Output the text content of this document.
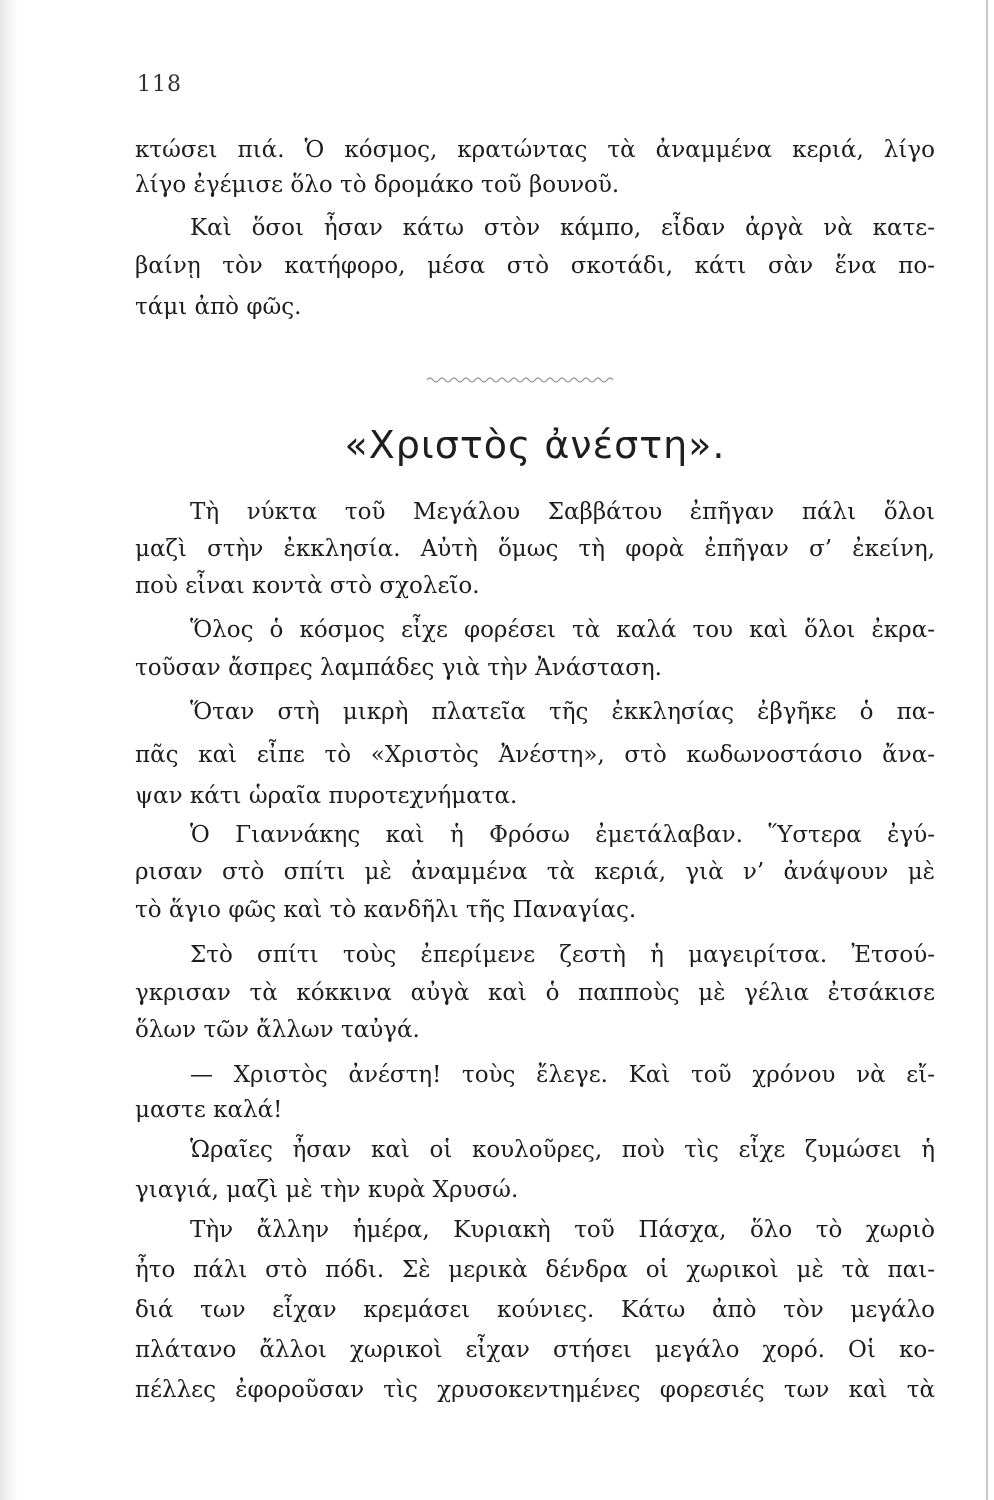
118
κτώσει πιά. Ὁ κόσμος, κρατώντας τὰ ἀναμμένα κεριά, λίγο
λίγο ἐγέμισε ὅλο τὸ δρομάκο τοῦ βουνοῦ.
Καὶ ὅσοι ἦσαν κάτω στὸν κάμπο, εἶδαν ἀργὰ νὰ κατε-
βαίνῃ τὸν κατήφορο, μέσα στὸ σκοτάδι, κάτι σὰν ἕνα πο-
τάμι ἀπὸ φῶς.
«Χριστὸς ἀνέστη».
Τὴ νύκτα τοῦ Μεγάλου Σαββάτου ἐπῆγαν πάλι ὅλοι
μαζὶ στὴν ἐκκλησία. Αὐτὴ ὅμως τὴ φορὰ ἐπῆγαν σ’ ἐκείνη,
ποὺ εἶναι κοντὰ στὸ σχολεῖο.
Ὅλος ὁ κόσμος εἶχε φορέσει τὰ καλά του καὶ ὅλοι ἐκρα-
τοῦσαν ἄσπρες λαμπάδες γιὰ τὴν Ἀνάσταση.
Ὅταν στὴ μικρὴ πλατεῖα τῆς ἐκκλησίας ἐβγῆκε ὁ πα-
πᾶς καὶ εἶπε τὸ «Χριστὸς Ἀνέστη», στὸ κωδωνοστάσιο ἄνα-
ψαν κάτι ὡραῖα πυροτεχνήματα.
Ὁ Γιαννάκης καὶ ἡ Φρόσω ἐμετάλαβαν. Ὕστερα ἐγύ-
ρισαν στὸ σπίτι μὲ ἀναμμένα τὰ κεριά, γιὰ ν’ ἀνάψουν μὲ
τὸ ἅγιο φῶς καὶ τὸ κανδῆλι τῆς Παναγίας.
Στὸ σπίτι τοὺς ἐπερίμενε ζεστὴ ἡ μαγειρίτσα. Ἐτσού-
γκρισαν τὰ κόκκινα αὐγὰ καὶ ὁ παπποὺς μὲ γέλια ἐτσάκισε
ὅλων τῶν ἄλλων ταὐγά.
— Χριστὸς ἀνέστη! τοὺς ἔλεγε. Καὶ τοῦ χρόνου νὰ εἴ-
μαστε καλά!
Ὡραῖες ἦσαν καὶ οἱ κουλοῦρες, ποὺ τὶς εἶχε ζυμώσει ἡ
γιαγιά, μαζὶ μὲ τὴν κυρὰ Χρυσώ.
Τὴν ἄλλην ἡμέρα, Κυριακὴ τοῦ Πάσχα, ὅλο τὸ χωριὸ
ἦτο πάλι στὸ πόδι. Σὲ μερικὰ δένδρα οἱ χωρικοὶ μὲ τὰ παι-
διά των εἶχαν κρεμάσει κούνιες. Κάτω ἀπὸ τὸν μεγάλο
πλάτανο ἄλλοι χωρικοὶ εἶχαν στήσει μεγάλο χορό. Οἱ κο-
πέλλες ἐφοροῦσαν τὶς χρυσοκεντημένες φορεσιές των καὶ τὰ
